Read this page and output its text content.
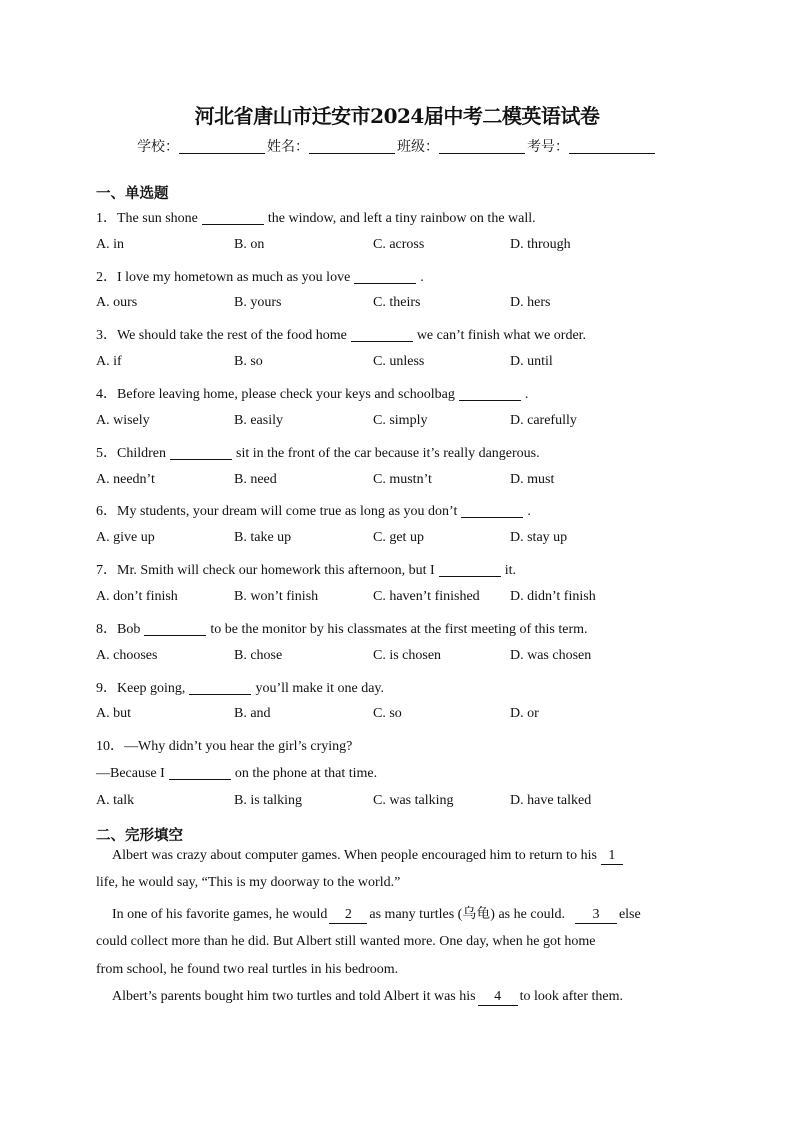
河北省唐山市迁安市2024届中考二模英语试卷
学校：	姓名：	班级：	考号：
一、单选题
1．The sun shone	the window, and left a tiny rainbow on the wall.
A. in	B. on	C. across	D. through
2．I love my hometown as much as you love	.
A. ours	B. yours	C. theirs	D. hers
3．We should take the rest of the food home	we can’t finish what we order.
A. if	B. so	C. unless	D. until
4．Before leaving home, please check your keys and schoolbag	.
A. wisely	B. easily	C. simply	D. carefully
5．Children	sit in the front of the car because it’s really dangerous.
A. needn’t	B. need	C. mustn’t	D. must
6．My students, your dream will come true as long as you don’t	.
A. give up	B. take up	C. get up	D. stay up
7．Mr. Smith will check our homework this afternoon, but I	it.
A. don’t finish	B. won’t finish	C. haven’t finished D. didn’t finish
8．Bob	to be the monitor by his classmates at the first meeting of this term.
A. chooses	B. chose	C. is chosen	D. was chosen
9．Keep going,	you’ll make it one day.
A. but	B. and	C. so	D. or
10．—Why didn’t you hear the girl’s crying?
—Because I	on the phone at that time.
A. talk	B. is talking	C. was talking	D. have talked
二、完形填空
Albert was crazy about computer games. When people encouraged him to return to his 1
life, he would say, “This is my doorway to the world.”
In one of his favorite games, he would 2 as many turtles (乌龟) as he could. 3 else
could collect more than he did. But Albert still wanted more. One day, when he got home
from school, he found two real turtles in his bedroom.
Albert’s parents bought him two turtles and told Albert it was his 4 to look after them.
